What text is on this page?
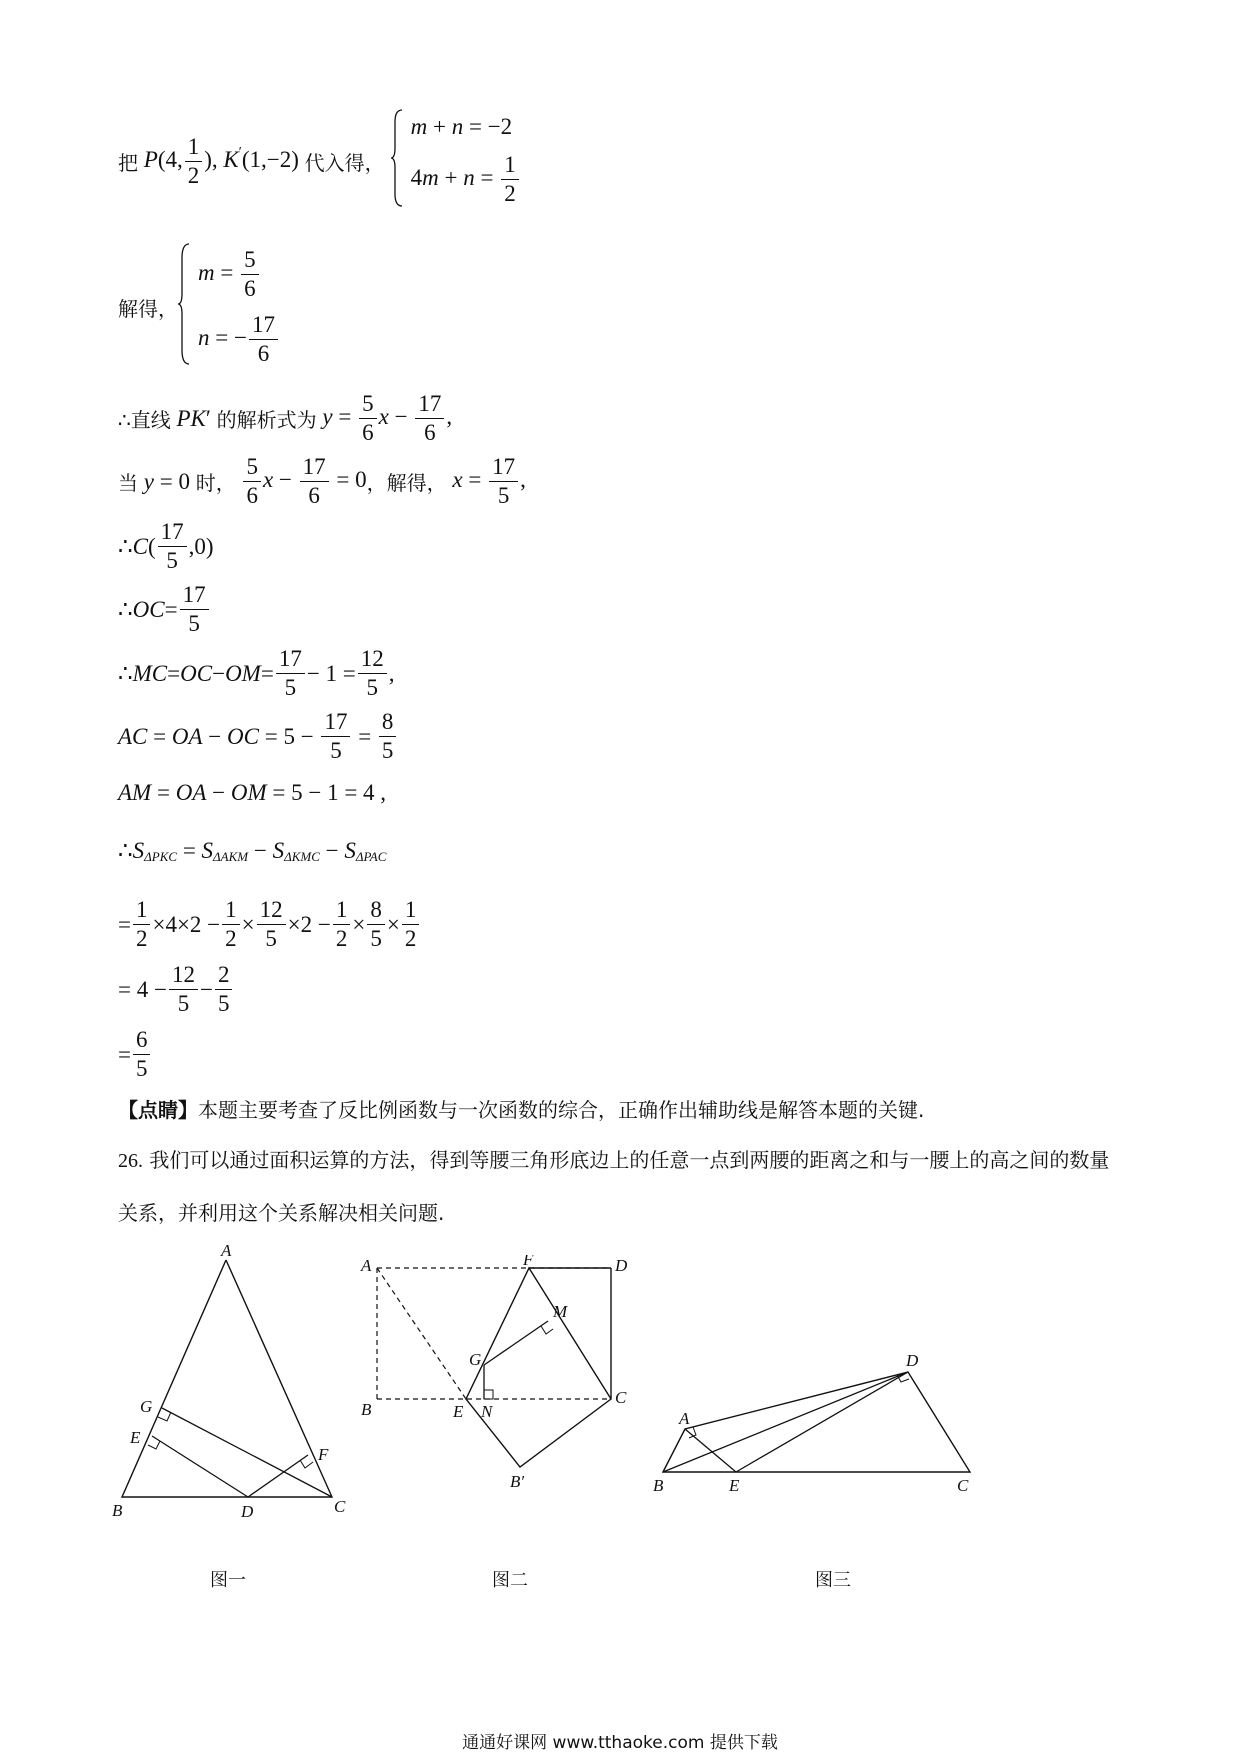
把 P(4, $\frac{1}{2}$ ), K′(1,−2) 代入得，
m + n = −2
$4m + n = \frac{1}{2}$
解得，
$m = \frac{5}{6}$
n = − $\frac{17}{6}$
∴直线 PK′ 的解析式为 $y = \frac{5}{6}$ $x - \frac{17}{6}$ ,
当 y = 0 时，
$\frac{5}{6}$ $x - \frac{17}{6} = 0$ ，解得， $x = \frac{17}{5}$ ,
∴ C ( $\frac{17}{5} ,0$)
∴ OC = $\frac{17}{5}$
∴ MC = OC − OM = $\frac{17}{5} - 1 = \frac{12}{5}$ ,
AC = OA − OC = $5 - \frac{17}{5} = \frac{8}{5}$
AM = OA − OM = 5 − 1 = 4 ,
∴ S ΔPKC = S ΔAKM − S ΔKMC − S ΔPAC
= $\frac{1}{2} \times 4\times 2 - \frac{1}{2} \times \frac{12}{5} \times 2 - \frac{1}{2} \times \frac{8}{5} \times \frac{1}{2}$
= $4 - \frac{12}{5} - \frac{2}{5}$
= $\frac{6}{5}$
【点睛】 本题主要考查了反比例函数与一次函数的综合，正确作出辅助线是解答本题的关键.
26. 我们可以通过面积运算的方法，得到等腰三角形底边上的任意一点到两腰的距离之和与一腰上的高之间的数量关系，并利用这个关系解决相关问题.
A
B	C
D
E
F
G
图一
A
B
C
D
E
F
G
M
N
B′
图二
A
B	C
D
E
图三
通通好课网 www.tthaoke.com 提供下载
